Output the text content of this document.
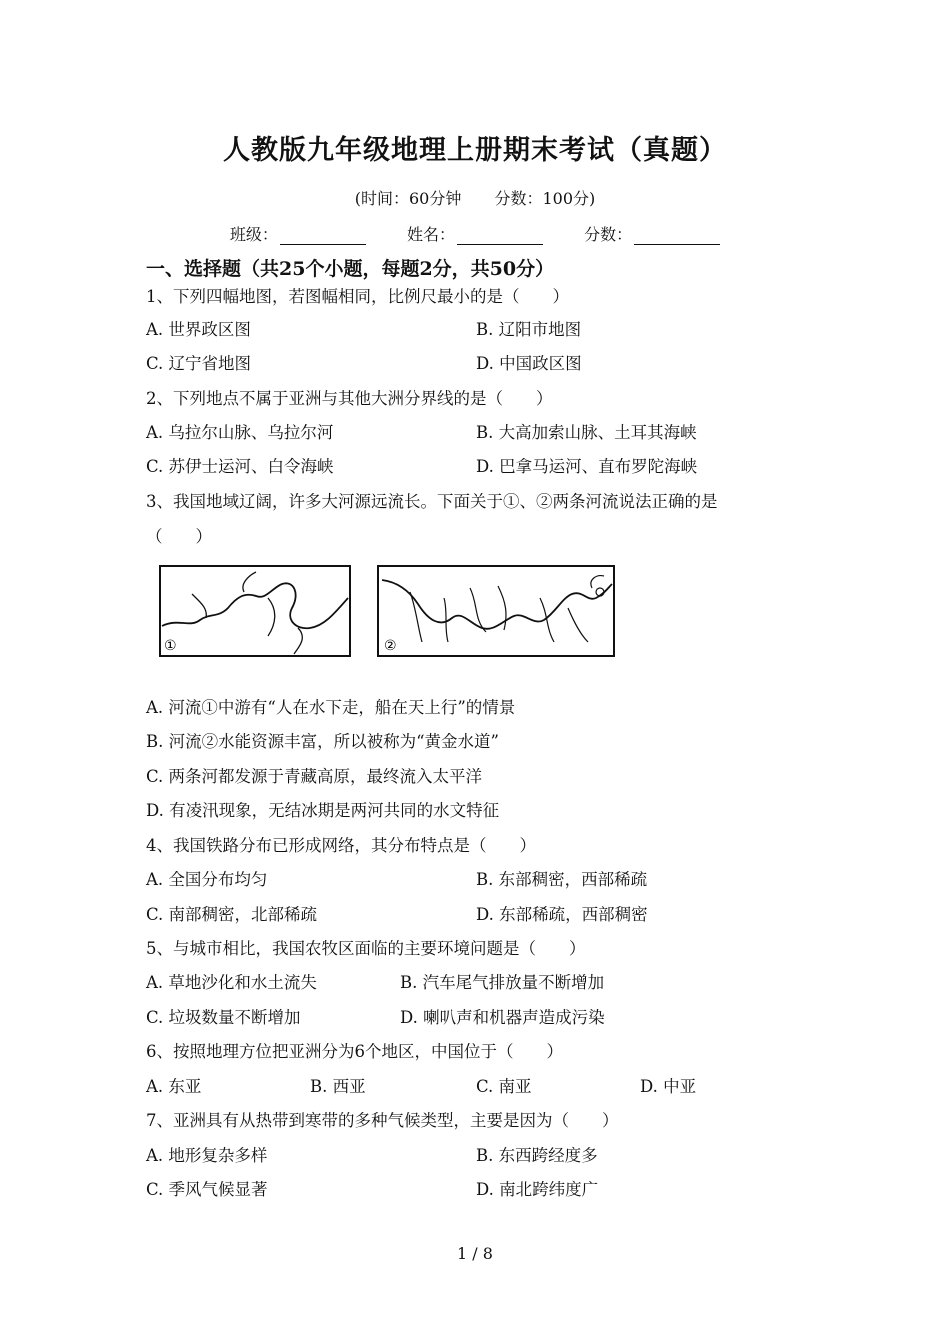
人教版九年级地理上册期末考试（真题）
(时间：60分钟 分数：100分)
班级：	姓名：	分数：
一、选择题（共25个小题，每题2分，共50分）
1、下列四幅地图，若图幅相同，比例尺最小的是（　　）
A. 世界政区图	B. 辽阳市地图
C. 辽宁省地图	D. 中国政区图
2、下列地点不属于亚洲与其他大洲分界线的是（　　）
A. 乌拉尔山脉、乌拉尔河	B. 大高加索山脉、土耳其海峡
C. 苏伊士运河、白令海峡	D. 巴拿马运河、直布罗陀海峡
3、我国地域辽阔，许多大河源远流长。下面关于①、②两条河流说法正确的是
（　　）
①	②
A. 河流①中游有“人在水下走，船在天上行”的情景
B. 河流②水能资源丰富，所以被称为“黄金水道”
C. 两条河都发源于青藏高原，最终流入太平洋
D. 有凌汛现象，无结冰期是两河共同的水文特征
4、我国铁路分布已形成网络，其分布特点是（　　）
A. 全国分布均匀	B. 东部稠密，西部稀疏
C. 南部稠密，北部稀疏	D. 东部稀疏，西部稠密
5、与城市相比，我国农牧区面临的主要环境问题是（　　）
A. 草地沙化和水土流失	B. 汽车尾气排放量不断增加
C. 垃圾数量不断增加	D. 喇叭声和机器声造成污染
6、按照地理方位把亚洲分为6个地区，中国位于（　　）
A. 东亚	B. 西亚	C. 南亚	D. 中亚
7、亚洲具有从热带到寒带的多种气候类型，主要是因为（　　）
A. 地形复杂多样	B. 东西跨经度多
C. 季风气候显著	D. 南北跨纬度广
1 / 8
